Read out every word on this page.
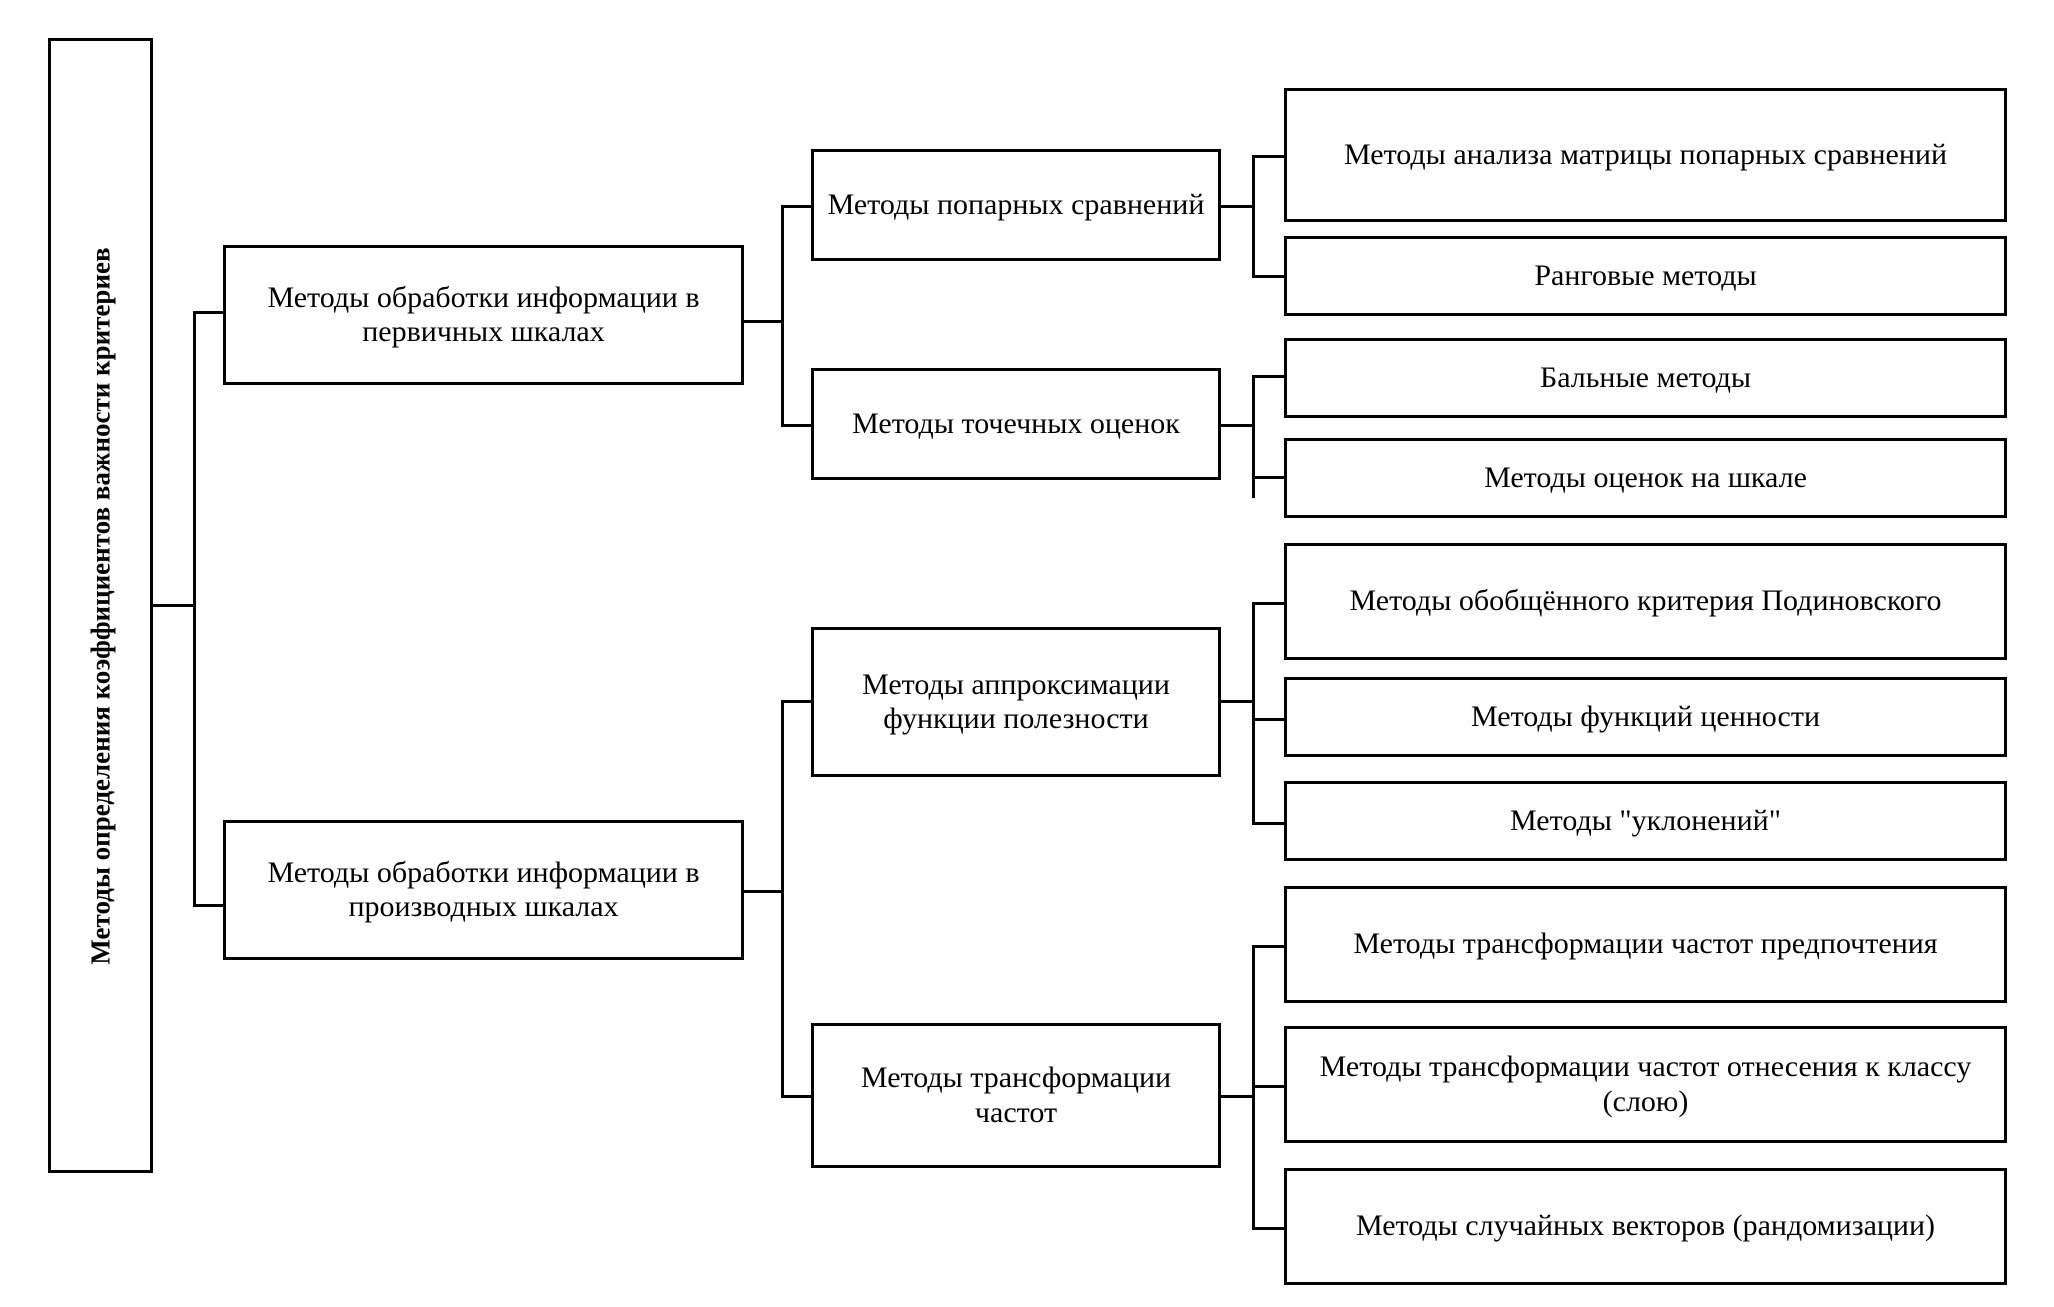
Методы определения коэффициентов важности критериев	Методы обработки информации в первичных шкалах
Методы обработки информации в производных шкалах
Методы попарных сравнений
Методы точечных оценок
Методы аппроксимации функции полезности
Методы трансформации частот
Методы анализа матрицы попарных сравнений
Ранговые методы
Бальные методы
Методы оценок на шкале
Методы обобщённого критерия Подиновского
Методы функций ценности
Методы "уклонений"
Методы трансформации частот предпочтения
Методы трансформации частот отнесения к классу (слою)
Методы случайных векторов (рандомизации)
